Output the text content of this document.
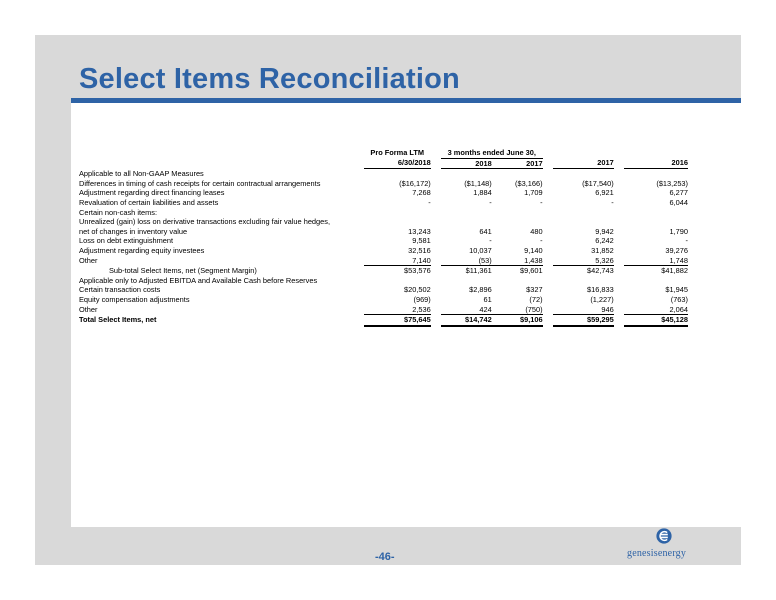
Select Items Reconciliation
	Pro Forma LTM		3 months ended June 30,					
	6/30/2018		2018	2017		2017		2016
Applicable to all Non-GAAP Measures								
Differences in timing of cash receipts for certain contractual arrangements	($16,172)		($1,148)	($3,166)		($17,540)		($13,253)
Adjustment regarding direct financing leases	7,268		1,884	1,709		6,921		6,277
Revaluation of certain liabilities and assets	-		-	-		-		6,044
Certain non-cash items:								
Unrealized (gain) loss on derivative transactions excluding fair value hedges,								
net of changes in inventory value	13,243		641	480		9,942		1,790
Loss on debt extinguishment	9,581		-	-		6,242		-
Adjustment regarding equity investees	32,516		10,037	9,140		31,852		39,276
Other	7,140		(53)	1,438		5,326		1,748
Sub-total Select Items, net (Segment Margin)	$53,576		$11,361	$9,601		$42,743		$41,882
Applicable only to Adjusted EBITDA and Available Cash before Reserves								
Certain transaction costs	$20,502		$2,896	$327		$16,833		$1,945
Equity compensation adjustments	(969)		61	(72)		(1,227)		(763)
Other	2,536		424	(750)		946		2,064
Total Select Items, net	$75,645		$14,742	$9,106		$59,295		$45,128
-46-	genesisenergy
